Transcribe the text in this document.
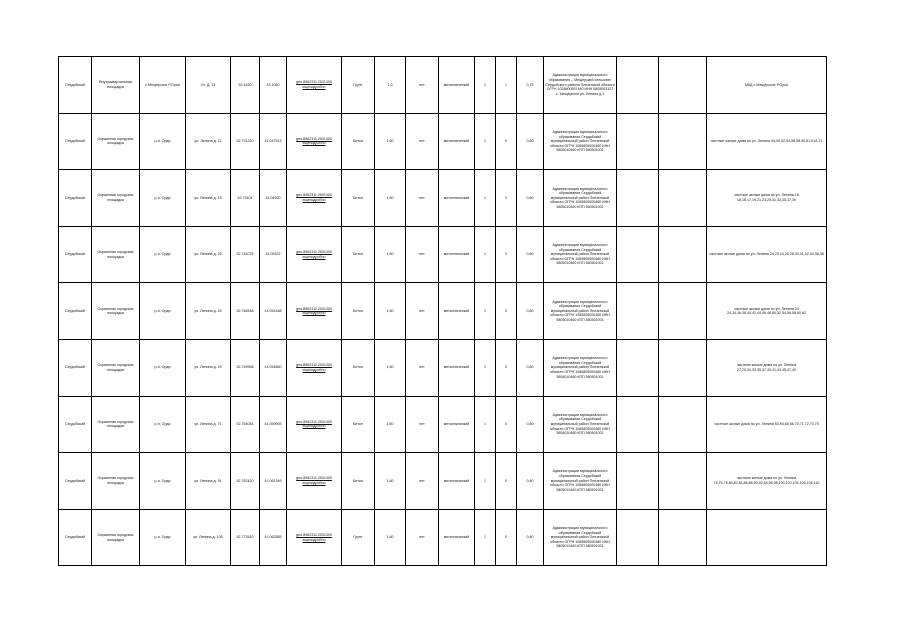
Сердобский	Внутриквартальная площадка	с.Мещёрское Р.Орья	Ул. Д. 13	52.4420	43.1050	geo.8962311.2531300 ещеподробно	Грунт	1,0	нет	металлический	1	1	0,75	Администрация муниципального образования – Мещёрский сельсовет Сердобского района Пензенской области ОГРН 1025800557440 ИНН 5805003127 с. Мещёрское ул. Ленина д.1			МКД с.Мещёрское Р.Орья
Сердобский	Окраинная городская площадка	р-н. Орди	ул. Ленина д. 11	52.731230	41.047513	geo.8962311.2531300 ещеподробно	Бетон	1,60	нет	металлический	1	0	0,80	Администрация муниципального образования Сердобский муниципальный район Пензенской области ОГРН 1085805000480 ИНН 5805010460 КПП 580501001			частные жилые дома по ул. Ленина 44,50,52,54,56,58,60,61,61А,71
Сердобский	Окраинная городская площадка	р-н. Орди	ул. Ленина д. 15	52.73404	41.04920	geo.8962311.2531300 ещеподробно	Бетон	1,60	нет	металлический	1	0	0,80	Администрация муниципального образования Сердобский муниципальный район Пензенской области ОГРН 1085805000480 ИНН 5805010460 КПП 580501001			частные жилые дома по ул. Ленина 16 18,16,17,19,21,23,25,31,33,35,37,39
Сердобский	Окраинная городская площадка	р-н. Орди	ул. Ленина д. 25	52.744075	41.05322	geo.8962311.2531300 ещеподробно	Бетон	1,60	нет	металлический	1	0	0,80	Администрация муниципального образования Сердобский муниципальный район Пензенской области ОГРН 1085805000480 ИНН 5805010460 КПП 580501001			частные жилые дома по ул. Ленина 24,20,24,26,28,30,31,32,34,36,38
Сердобский	Окраинная городская площадка	р-н. Орди	ул. Ленина д. 24	52.748348	41.054188	geo.8962311.2531300 ещеподробно	Бетон	1,60	нет	металлический	1	0	0,80	Администрация муниципального образования Сердобский муниципальный район Пензенской области ОГРН 1085805000480 ИНН 5805010460 КПП 580501001			частные жилые дома по ул. Ленина 24 24,34,36,38,40,42,44,46,48,50,52,54,56,58 60,62
Сердобский	Окраинная городская площадка	р-н. Орди	ул. Ленина д. 29	52.749958	41.054660	geo.8962311.2531300 ещеподробно	Бетон	1,60	нет	металлический	1	0	0,80	Администрация муниципального образования Сердобский муниципальный район Пензенской области ОГРН 1085805000480 ИНН 5805010460 КПП 580501001			частные жилые дома по ул. Ленина 27,29,31,33,35,37,39,41,43,45,47,49
Сердобский	Окраинная городская площадка	р-н. Орди	ул. Ленина д. 71	52.754081	41.059905	geo.8962311.2531300 ещеподробно	Бетон	1,60	нет	металлический	1	0	0,80	Администрация муниципального образования Сердобский муниципальный район Пензенской области ОГРН 1085805000480 ИНН 5805010460 КПП 580501001			частные жилые дома по ул. Ленина 63,64,65,66,70,71,72,73,75
Сердобский	Окраинная городская площадка	р-н. Орди	ул. Ленина д. 91	52.762420	41.061349	geo.8962311.2531300 ещеподробно	Бетон	1,60	нет	металлический	1	0	0,80	Администрация муниципального образования Сердобский муниципальный район Пензенской области ОГРН 1085805000480 ИНН 5805010460 КПП 580501001			частные жилые дома по ул. Ленина 74,76,78,80,82,84,86,88,90,92,94,96 98,100,102,104,106,108,110
Сердобский	Окраинная городская площадка	р-н. Орди	ул. Ленина д. 105	52.773510	41.062585	geo.8962311.2531300 ещеподробно	Грунт	1,60	нет	металлический	1	0	0,80	Администрация муниципального образования Сердобский муниципальный район Пензенской области ОГРН 1085805000480 ИНН 5805010460 КПП 580501001			
